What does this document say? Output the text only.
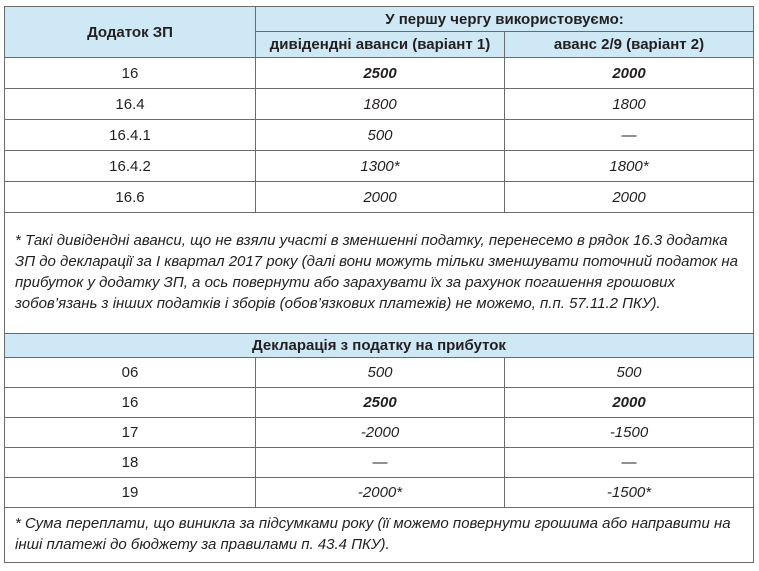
Додаток ЗП	У першу чергу використовуємо:	
	дивідендні аванси (варіант 1)	аванс 2/9 (варіант 2)
16	2500	2000
16.4	1800	1800
16.4.1	500	—
16.4.2	1300*	1800*
16.6	2000	2000
* Такі дивідендні аванси, що не взяли участі в зменшенні податку, перенесемо в рядок 16.3 додатка ЗП до декларації за І квартал 2017 року (далі вони можуть тільки зменшувати поточний податок на прибуток у додатку ЗП, а ось повернути або зарахувати їх за рахунок погашення грошових зобов’язань з інших податків і зборів (обов’язкових платежів) не можемо, п.п. 57.11.2 ПКУ).		
Декларація з податку на прибуток		
06	500	500
16	2500	2000
17	-2000	-1500
18	—	—
19	-2000*	-1500*
* Сума переплати, що виникла за підсумками року (її можемо повернути грошима або направити на інші платежі до бюджету за правилами п. 43.4 ПКУ).		
